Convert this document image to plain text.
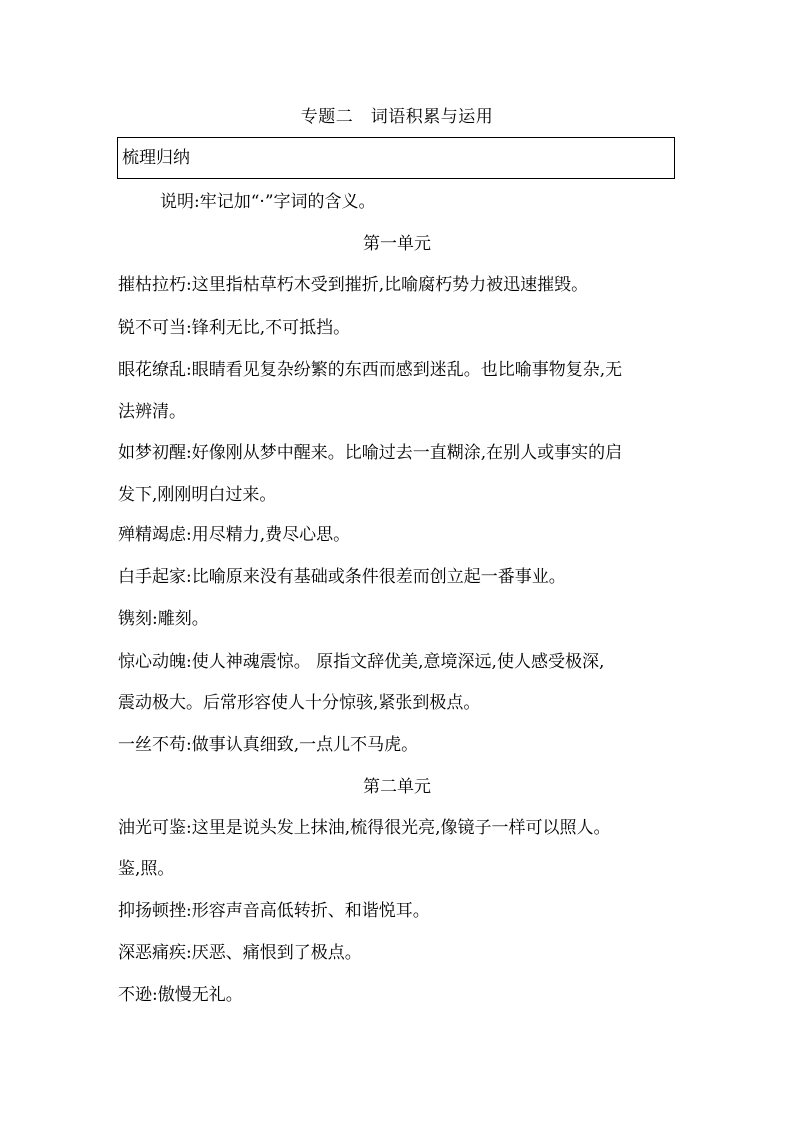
专题二　词语积累与运用
梳理归纳
说明:牢记加“·”字词的含义。
第一单元
摧枯拉朽:这里指枯草朽木受到摧折,比喻腐朽势力被迅速摧毁。
锐不可当:锋利无比,不可抵挡。
眼花缭乱:眼睛看见复杂纷繁的东西而感到迷乱。也比喻事物复杂,无
法辨清。
如梦初醒:好像刚从梦中醒来。比喻过去一直糊涂,在别人或事实的启
发下,刚刚明白过来。
殚精竭虑:用尽精力,费尽心思。
白手起家:比喻原来没有基础或条件很差而创立起一番事业。
镌刻:雕刻。
惊心动魄:使人神魂震惊。 原指文辞优美,意境深远,使人感受极深,
震动极大。后常形容使人十分惊骇,紧张到极点。
一丝不苟:做事认真细致,一点儿不马虎。
第二单元
油光可鉴:这里是说头发上抹油,梳得很光亮,像镜子一样可以照人。
鉴,照。
抑扬顿挫:形容声音高低转折、和谐悦耳。
深恶痛疾:厌恶、痛恨到了极点。
不逊:傲慢无礼。
